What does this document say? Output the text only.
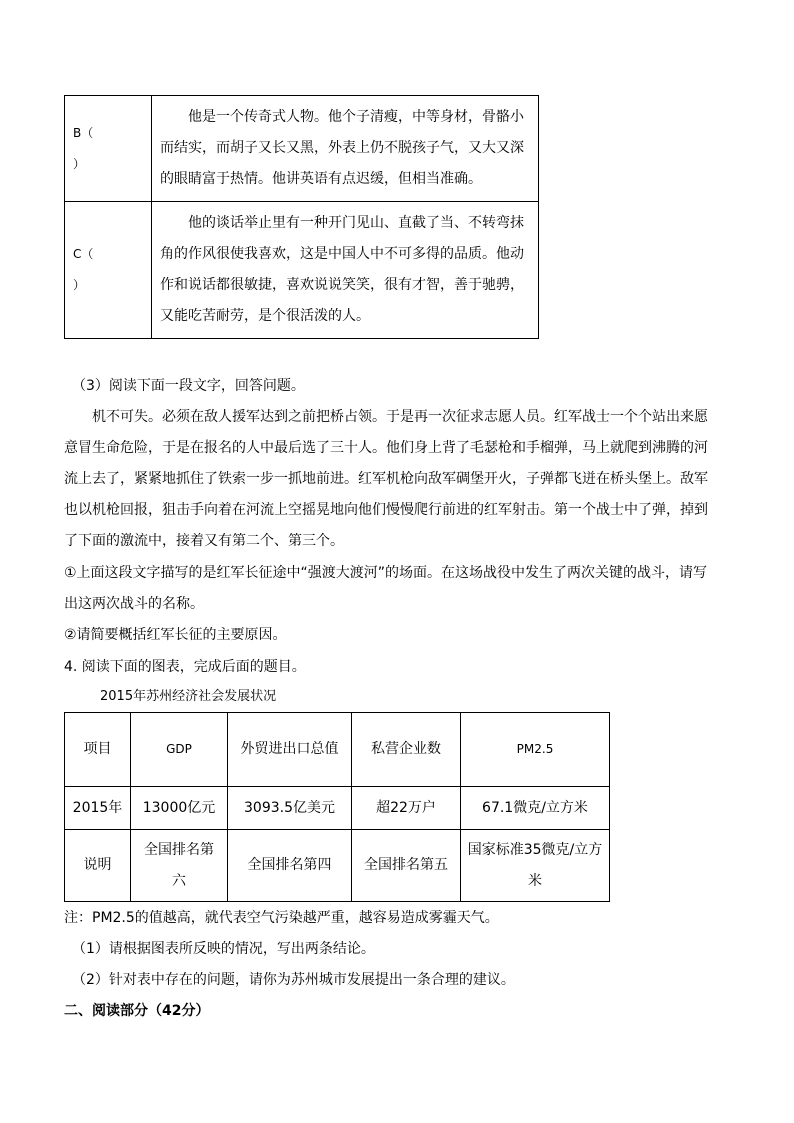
B（
）	他是一个传奇式人物。他个子清瘦，中等身材，骨骼小而结实，而胡子又长又黑，外表上仍不脱孩子气，又大又深的眼睛富于热情。他讲英语有点迟缓，但相当准确。

C（
）	他的谈话举止里有一种开门见山、直截了当、不转弯抹角的作风很使我喜欢，这是中国人中不可多得的品质。他动作和说话都很敏捷，喜欢说说笑笑，很有才智，善于驰骋，又能吃苦耐劳，是个很活泼的人。
（3）阅读下面一段文字，回答问题。
机不可失。必须在敌人援军达到之前把桥占领。于是再一次征求志愿人员。红军战士一个个站出来愿意冒生命危险，于是在报名的人中最后选了三十人。他们身上背了毛瑟枪和手榴弹，马上就爬到沸腾的河流上去了，紧紧地抓住了铁索一步一抓地前进。红军机枪向敌军碉堡开火，子弹都飞迸在桥头堡上。敌军也以机枪回报，狙击手向着在河流上空摇晃地向他们慢慢爬行前进的红军射击。第一个战士中了弹，掉到了下面的激流中，接着又有第二个、第三个。
①上面这段文字描写的是红军长征途中“强渡大渡河”的场面。在这场战役中发生了两次关键的战斗，请写出这两次战斗的名称。
②请简要概括红军长征的主要原因。
4. 阅读下面的图表，完成后面的题目。
2015年苏州经济社会发展状况
项目	GDP	外贸进出口总值	私营企业数	PM2.5
2015年	13000亿元	3093.5亿美元	超22万户	67.1微克/立方米
说明	全国排名第六	全国排名第四	全国排名第五	国家标准35微克/立方米
注：PM2.5的值越高，就代表空气污染越严重，越容易造成雾霾天气。
（1）请根据图表所反映的情况，写出两条结论。
（2）针对表中存在的问题，请你为苏州城市发展提出一条合理的建议。
二、阅读部分（42分）
